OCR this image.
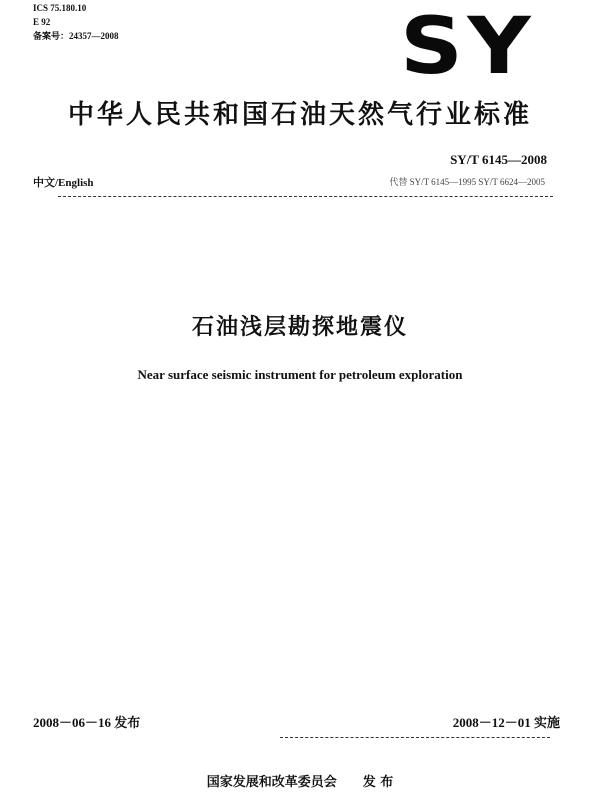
ICS 75.180.10
E 92
备案号：24357—2008	SY
中华人民共和国石油天然气行业标准
SY/T 6145—2008
中文/English	代替 SY/T 6145—1995 SY/T 6624—2005
石油浅层勘探地震仪
Near surface seismic instrument for petroleum exploration
2008－06－16 发布	2008－12－01 实施
国家发展和改革委员会 发 布
